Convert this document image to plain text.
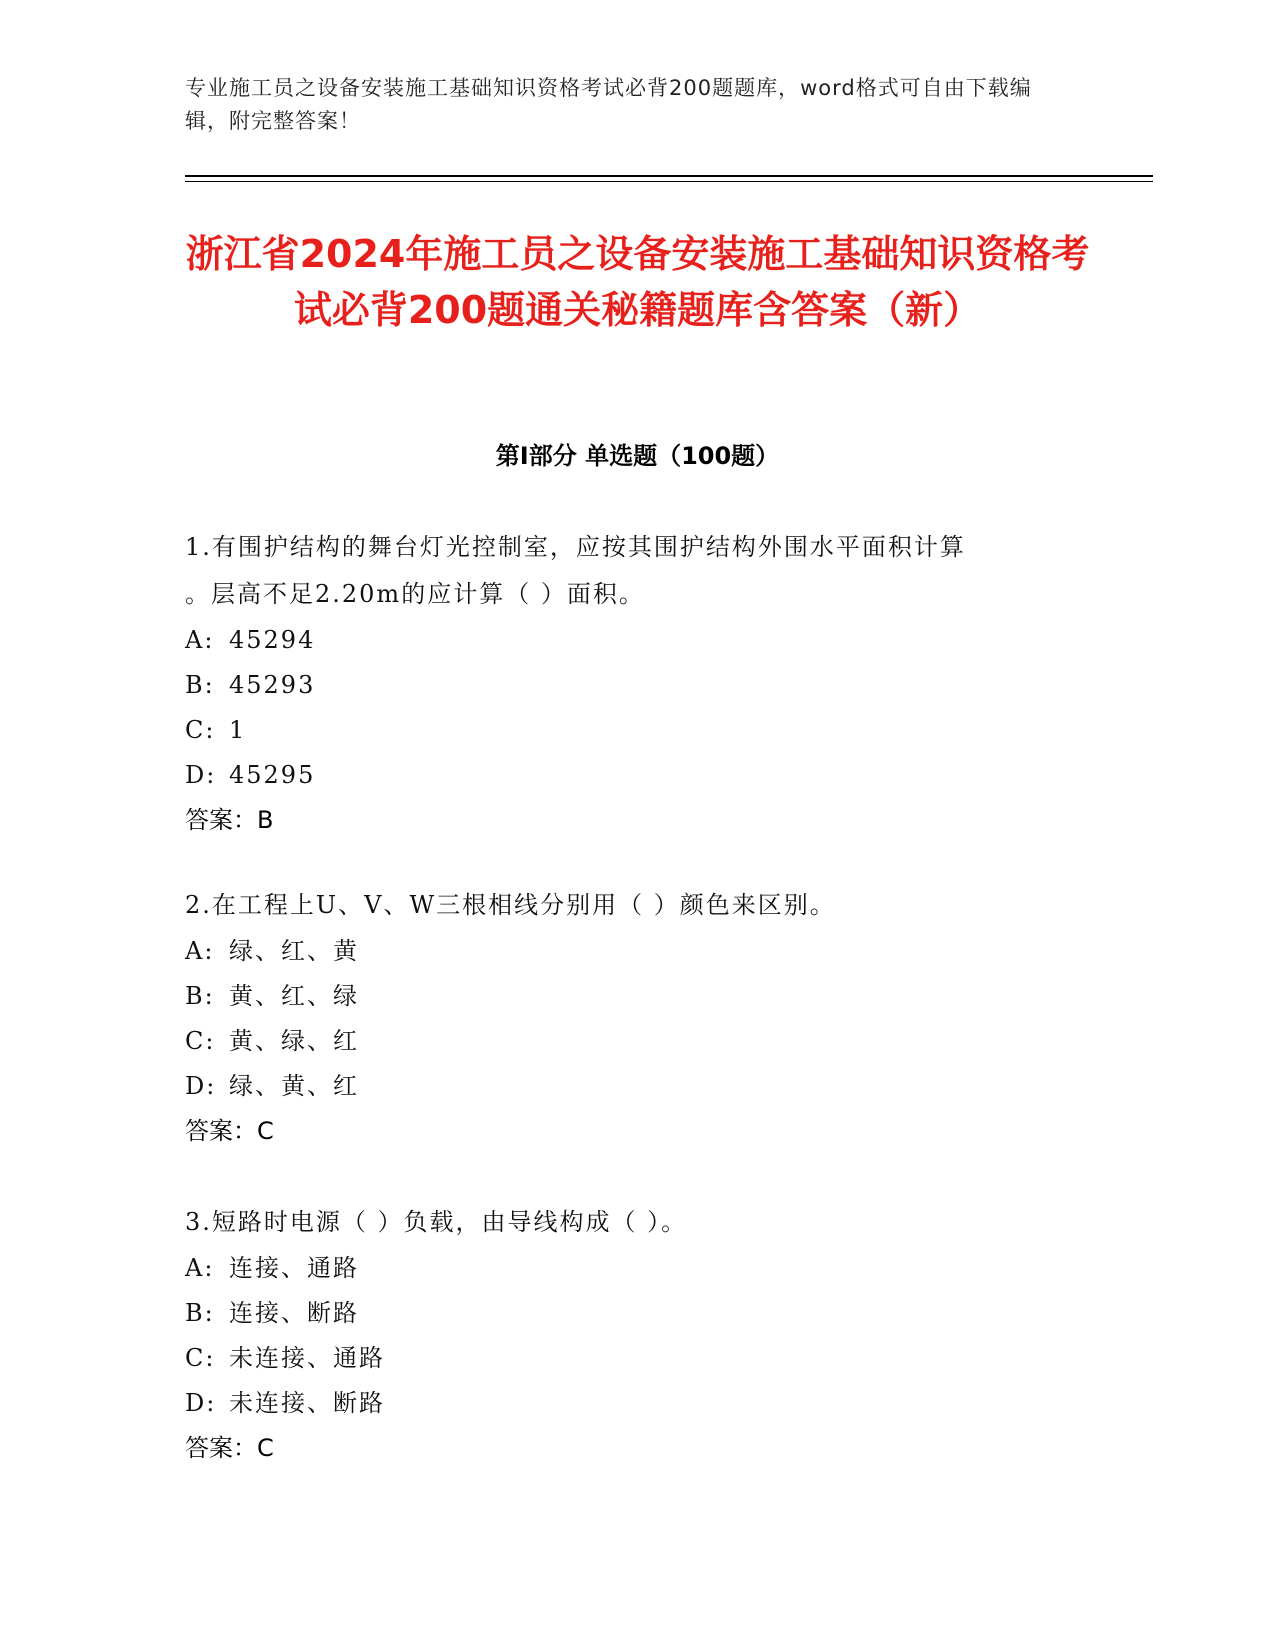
专业施工员之设备安装施工基础知识资格考试必背200题题库，word格式可自由下载编辑，附完整答案！
浙江省2024年施工员之设备安装施工基础知识资格考试必背200题通关秘籍题库含答案（新）
第I部分 单选题（100题）
1.有围护结构的舞台灯光控制室，应按其围护结构外围水平面积计算
。层高不足2.20m的应计算（ ）面积。
A: 45294
B: 45293
C: 1
D: 45295
答案：B
2.在工程上U、V、W三根相线分别用（ ）颜色来区别。
A: 绿、红、黄
B: 黄、红、绿
C: 黄、绿、红
D: 绿、黄、红
答案：C
3.短路时电源（ ）负载，由导线构成（ ）。
A: 连接、通路
B: 连接、断路
C: 未连接、通路
D: 未连接、断路
答案：C
